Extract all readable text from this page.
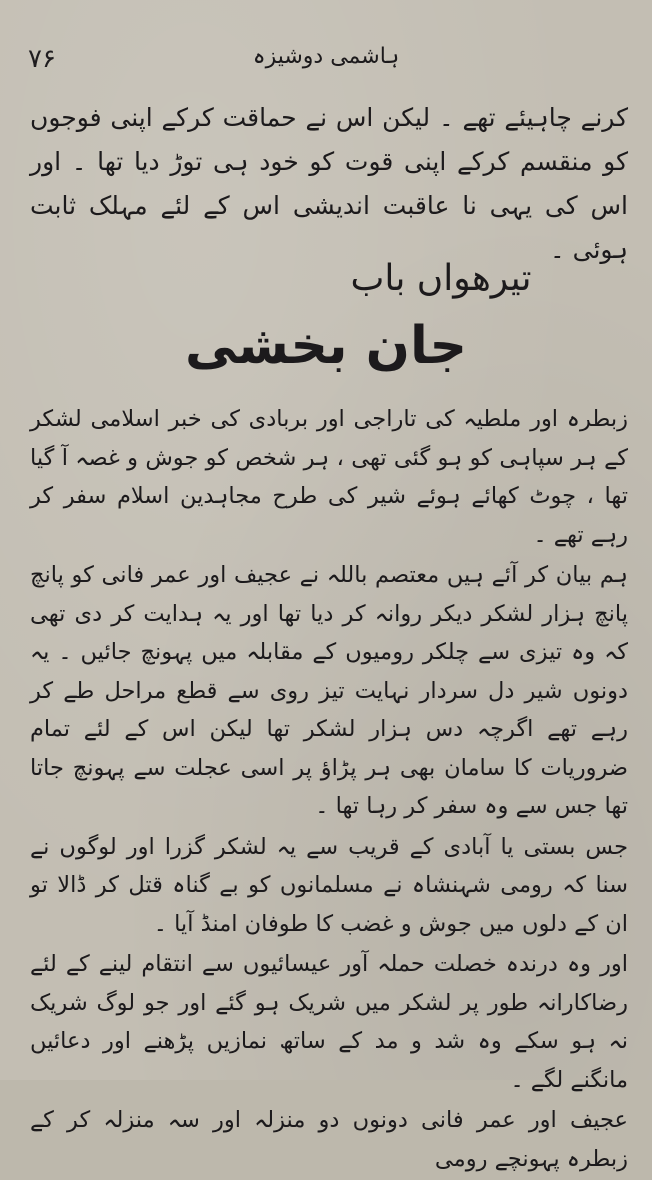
۷۶	ہاشمی دوشیزہ
کرنے چاہیئے تھے ۔ لیکن اس نے حماقت کرکے اپنی فوجوں کو منقسم کرکے اپنی قوت کو خود ہی توڑ دیا تھا ۔ اور اس کی یہی نا عاقبت اندیشی اس کے لئے مہلک ثابت ہوئی ۔
تیرھواں باب
جان بخشی

زبطرہ اور ملطیہ کی تاراجی اور بربادی کی خبر اسلامی لشکر کے ہر سپاہی کو ہو گئی تھی ، ہر شخص کو جوش و غصہ آ گیا تھا ، چوٹ کھائے ہوئے شیر کی طرح مجاہدین اسلام سفر کر رہے تھے ۔

ہم بیان کر آئے ہیں معتصم باللہ نے عجیف اور عمر فانی کو پانچ پانچ ہزار لشکر دیکر روانہ کر دیا تھا اور یہ ہدایت کر دی تھی کہ وہ تیزی سے چلکر رومیوں کے مقابلہ میں پہونچ جائیں ۔ یہ دونوں شیر دل سردار نہایت تیز روی سے قطع مراحل طے کر رہے تھے اگرچہ دس ہزار لشکر تھا لیکن اس کے لئے تمام ضروریات کا سامان بھی ہر پڑاؤ پر اسی عجلت سے پہونچ جاتا تھا جس سے وہ سفر کر رہا تھا ۔

جس بستی یا آبادی کے قریب سے یہ لشکر گزرا اور لوگوں نے سنا کہ رومی شہنشاہ نے مسلمانوں کو بے گناہ قتل کر ڈالا تو ان کے دلوں میں جوش و غضب کا طوفان امنڈ آیا ۔

اور وہ درندہ خصلت حملہ آور عیسائیوں سے انتقام لینے کے لئے رضاکارانہ طور پر لشکر میں شریک ہو گئے اور جو لوگ شریک نہ ہو سکے وہ شد و مد کے ساتھ نمازیں پڑھنے اور دعائیں مانگنے لگے ۔

عجیف اور عمر فانی دونوں دو منزلہ اور سہ منزلہ کر کے زبطرہ پہونچے رومی
